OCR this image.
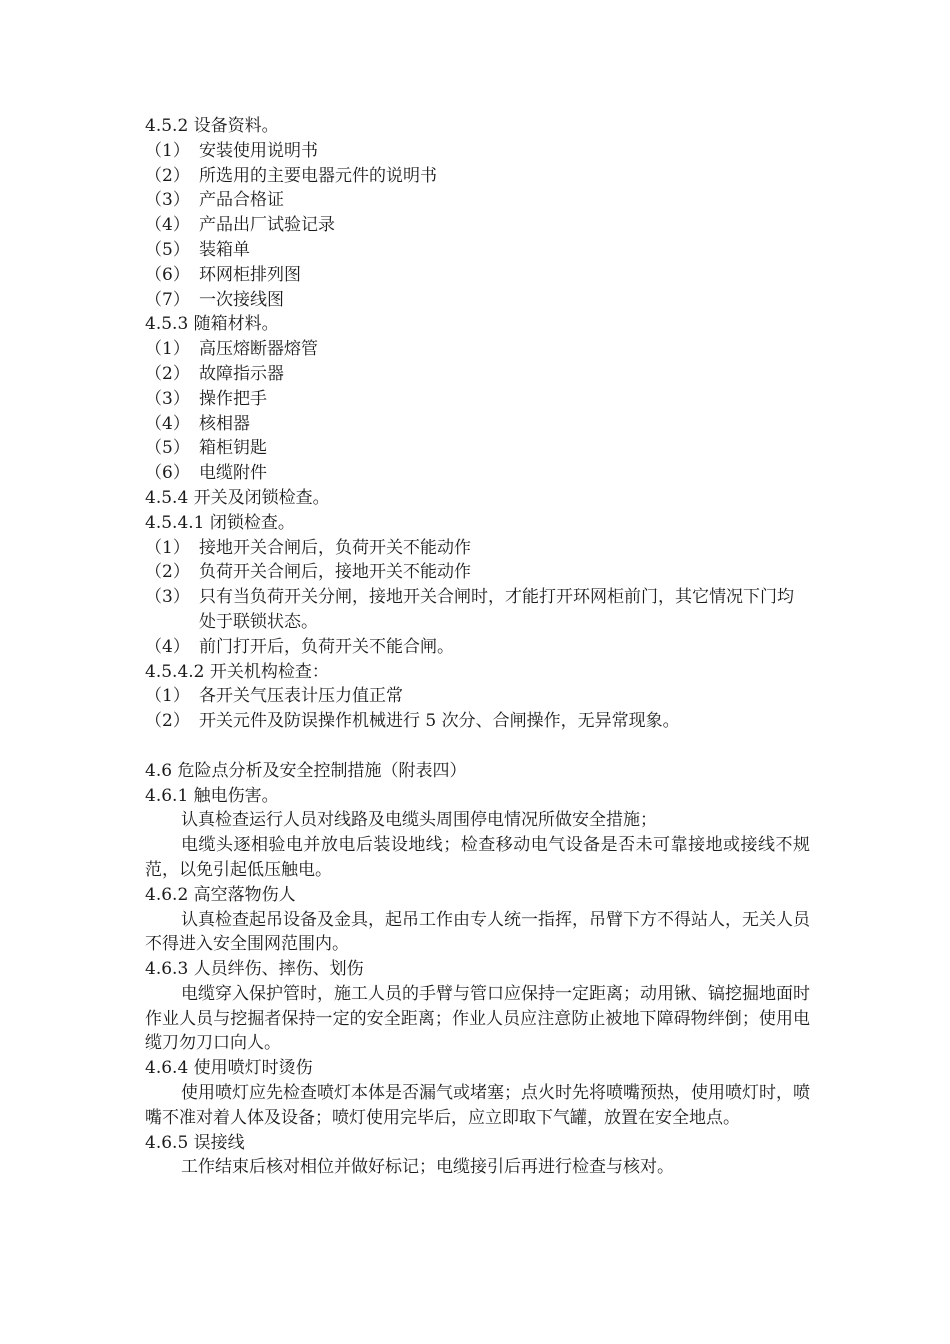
4.5.2 设备资料。
（1） 安装使用说明书
（2） 所选用的主要电器元件的说明书
（3） 产品合格证
（4） 产品出厂试验记录
（5） 装箱单
（6） 环网柜排列图
（7） 一次接线图
4.5.3 随箱材料。
（1） 高压熔断器熔管
（2） 故障指示器
（3） 操作把手
（4） 核相器
（5） 箱柜钥匙
（6） 电缆附件
4.5.4 开关及闭锁检查。
4.5.4.1 闭锁检查。
（1） 接地开关合闸后，负荷开关不能动作
（2） 负荷开关合闸后，接地开关不能动作
（3） 只有当负荷开关分闸，接地开关合闸时，才能打开环网柜前门，其它情况下门均处于联锁状态。
（4） 前门打开后，负荷开关不能合闸。
4.5.4.2 开关机构检查：
（1） 各开关气压表计压力值正常
（2） 开关元件及防误操作机械进行 5 次分、合闸操作，无异常现象。
4.6 危险点分析及安全控制措施（附表四）
4.6.1 触电伤害。
认真检查运行人员对线路及电缆头周围停电情况所做安全措施；
电缆头逐相验电并放电后装设地线；检查移动电气设备是否未可靠接地或接线不规范，以免引起低压触电。
4.6.2 高空落物伤人
认真检查起吊设备及金具，起吊工作由专人统一指挥，吊臂下方不得站人，无关人员不得进入安全围网范围内。
4.6.3 人员绊伤、摔伤、划伤
电缆穿入保护管时，施工人员的手臂与管口应保持一定距离；动用锹、镐挖掘地面时作业人员与挖掘者保持一定的安全距离；作业人员应注意防止被地下障碍物绊倒；使用电缆刀勿刀口向人。
4.6.4 使用喷灯时烫伤
使用喷灯应先检查喷灯本体是否漏气或堵塞；点火时先将喷嘴预热，使用喷灯时，喷嘴不准对着人体及设备；喷灯使用完毕后，应立即取下气罐，放置在安全地点。
4.6.5 误接线
工作结束后核对相位并做好标记；电缆接引后再进行检查与核对。
